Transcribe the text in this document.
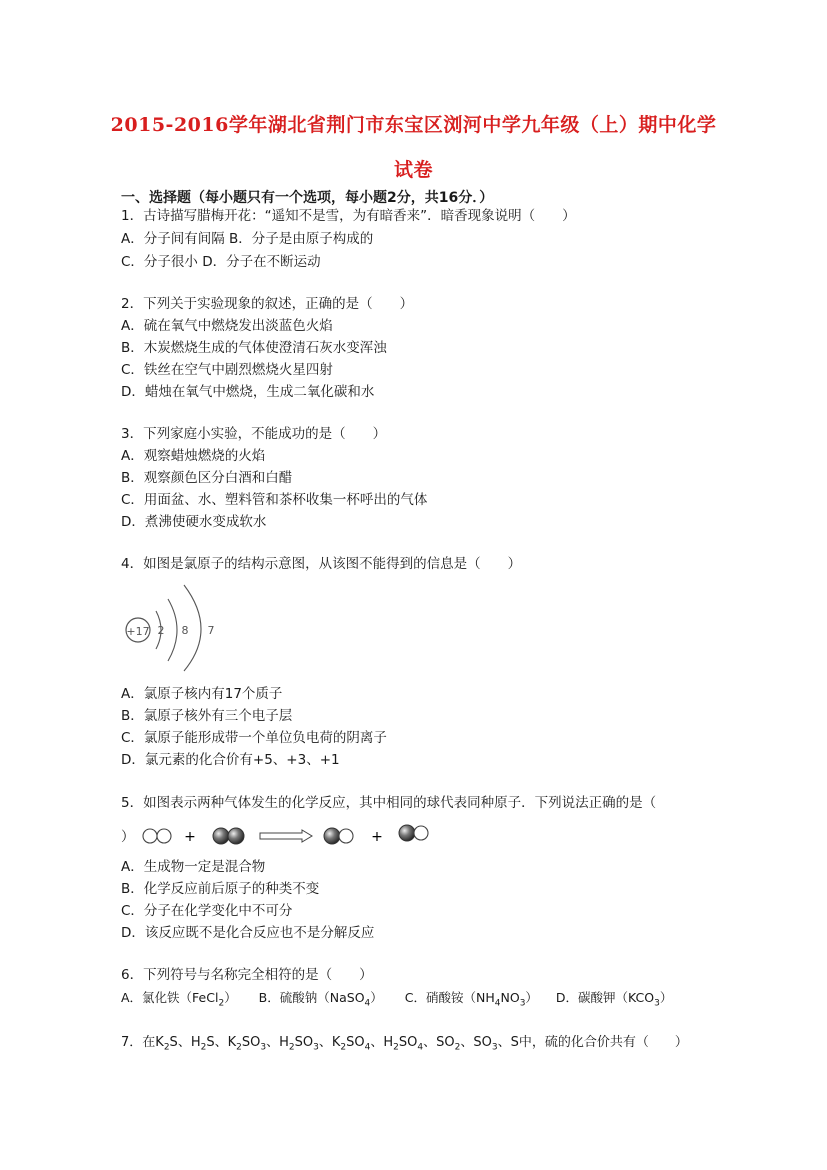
2015-2016学年湖北省荆门市东宝区浏河中学九年级（上）期中化学
试卷
一、选择题（每小题只有一个选项，每小题2分，共16分．）
1．古诗描写腊梅开花：“遥知不是雪，为有暗香来”．暗香现象说明（　　）
A．分子间有间隔 B．分子是由原子构成的
C．分子很小 D．分子在不断运动
2．下列关于实验现象的叙述，正确的是（　　）
A．硫在氧气中燃烧发出淡蓝色火焰
B．木炭燃烧生成的气体使澄清石灰水变浑浊
C．铁丝在空气中剧烈燃烧火星四射
D．蜡烛在氧气中燃烧，生成二氧化碳和水
3．下列家庭小实验，不能成功的是（　　）
A．观察蜡烛燃烧的火焰
B．观察颜色区分白酒和白醋
C．用面盆、水、塑料管和茶杯收集一杯呼出的气体
D．煮沸使硬水变成软水
4．如图是氯原子的结构示意图，从该图不能得到的信息是（　　）
+17 2 8 7
A．氯原子核内有17个质子
B．氯原子核外有三个电子层
C．氯原子能形成带一个单位负电荷的阴离子
D．氯元素的化合价有+5、+3、+1
5．如图表示两种气体发生的化学反应，其中相同的球代表同种原子．下列说法正确的是（
）	+	+
A．生成物一定是混合物
B．化学反应前后原子的种类不变
C．分子在化学变化中不可分
D．该反应既不是化合反应也不是分解反应
6．下列符号与名称完全相符的是（　　）
A．氯化铁（FeCl$_2$） B．硫酸钠（NaSO$_4$） C．硝酸铵$(NH_4NO_3)$ D．碳酸钾$(KCO_3)$
7．在$K_2S$、$H_2S$、$K_2SO_3$、$H_2SO_3$、$K_2SO_4$、$H_2SO_4$、$SO_2$、$SO_3$、S中，硫的化合价共有（　　）
